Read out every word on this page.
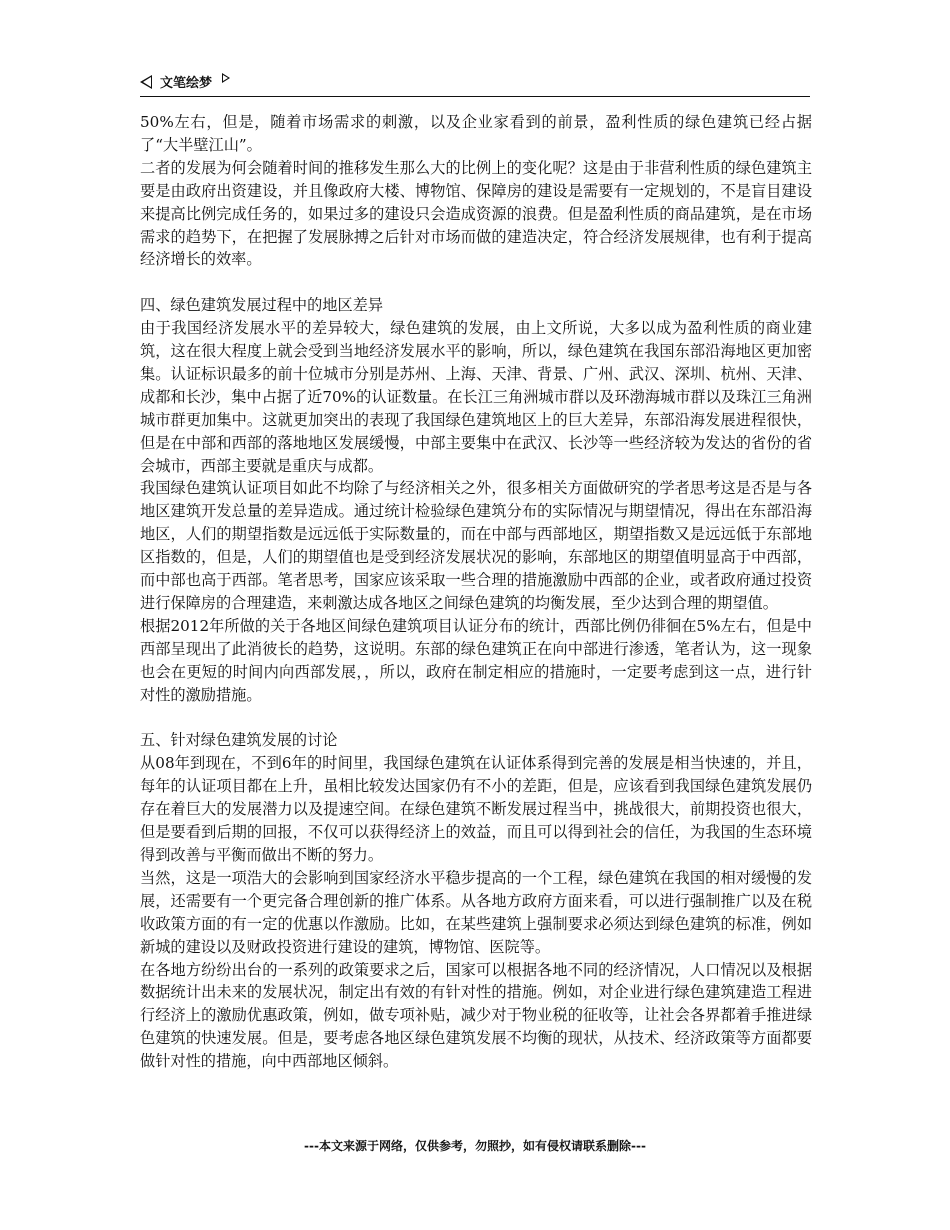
文笔绘梦

50%左右，但是，随着市场需求的刺激，以及企业家看到的前景，盈利性质的绿色建筑已经占据了“大半壁江山”。

二者的发展为何会随着时间的推移发生那么大的比例上的变化呢？这是由于非营利性质的绿色建筑主要是由政府出资建设，并且像政府大楼、博物馆、保障房的建设是需要有一定规划的，不是盲目建设来提高比例完成任务的，如果过多的建设只会造成资源的浪费。但是盈利性质的商品建筑，是在市场需求的趋势下，在把握了发展脉搏之后针对市场而做的建造决定，符合经济发展规律，也有利于提高经济增长的效率。

四、绿色建筑发展过程中的地区差异

由于我国经济发展水平的差异较大，绿色建筑的发展，由上文所说，大多以成为盈利性质的商业建筑，这在很大程度上就会受到当地经济发展水平的影响，所以，绿色建筑在我国东部沿海地区更加密集。认证标识最多的前十位城市分别是苏州、上海、天津、背景、广州、武汉、深圳、杭州、天津、成都和长沙，集中占据了近70%的认证数量。在长江三角洲城市群以及环渤海城市群以及珠江三角洲城市群更加集中。这就更加突出的表现了我国绿色建筑地区上的巨大差异，东部沿海发展进程很快，但是在中部和西部的落地地区发展缓慢，中部主要集中在武汉、长沙等一些经济较为发达的省份的省会城市，西部主要就是重庆与成都。

我国绿色建筑认证项目如此不均除了与经济相关之外，很多相关方面做研究的学者思考这是否是与各地区建筑开发总量的差异造成。通过统计检验绿色建筑分布的实际情况与期望情况，得出在东部沿海地区，人们的期望指数是远远低于实际数量的，而在中部与西部地区，期望指数又是远远低于东部地区指数的，但是，人们的期望值也是受到经济发展状况的影响，东部地区的期望值明显高于中西部，而中部也高于西部。笔者思考，国家应该采取一些合理的措施激励中西部的企业，或者政府通过投资进行保障房的合理建造，来刺激达成各地区之间绿色建筑的均衡发展，至少达到合理的期望值。

根据2012年所做的关于各地区间绿色建筑项目认证分布的统计，西部比例仍徘徊在5%左右，但是中西部呈现出了此消彼长的趋势，这说明。东部的绿色建筑正在向中部进行渗透，笔者认为，这一现象也会在更短的时间内向西部发展，，所以，政府在制定相应的措施时，一定要考虑到这一点，进行针对性的激励措施。

五、针对绿色建筑发展的讨论

从08年到现在，不到6年的时间里，我国绿色建筑在认证体系得到完善的发展是相当快速的，并且，每年的认证项目都在上升，虽相比较发达国家仍有不小的差距，但是，应该看到我国绿色建筑发展仍存在着巨大的发展潜力以及提速空间。在绿色建筑不断发展过程当中，挑战很大，前期投资也很大，但是要看到后期的回报，不仅可以获得经济上的效益，而且可以得到社会的信任，为我国的生态环境得到改善与平衡而做出不断的努力。

当然，这是一项浩大的会影响到国家经济水平稳步提高的一个工程，绿色建筑在我国的相对缓慢的发展，还需要有一个更完备合理创新的推广体系。从各地方政府方面来看，可以进行强制推广以及在税收政策方面的有一定的优惠以作激励。比如，在某些建筑上强制要求必须达到绿色建筑的标准，例如新城的建设以及财政投资进行建设的建筑，博物馆、医院等。

在各地方纷纷出台的一系列的政策要求之后，国家可以根据各地不同的经济情况，人口情况以及根据数据统计出未来的发展状况，制定出有效的有针对性的措施。例如，对企业进行绿色建筑建造工程进行经济上的激励优惠政策，例如，做专项补贴，减少对于物业税的征收等，让社会各界都着手推进绿色建筑的快速发展。但是，要考虑各地区绿色建筑发展不均衡的现状，从技术、经济政策等方面都要做针对性的措施，向中西部地区倾斜。

---本文来源于网络，仅供参考，勿照抄，如有侵权请联系删除---
